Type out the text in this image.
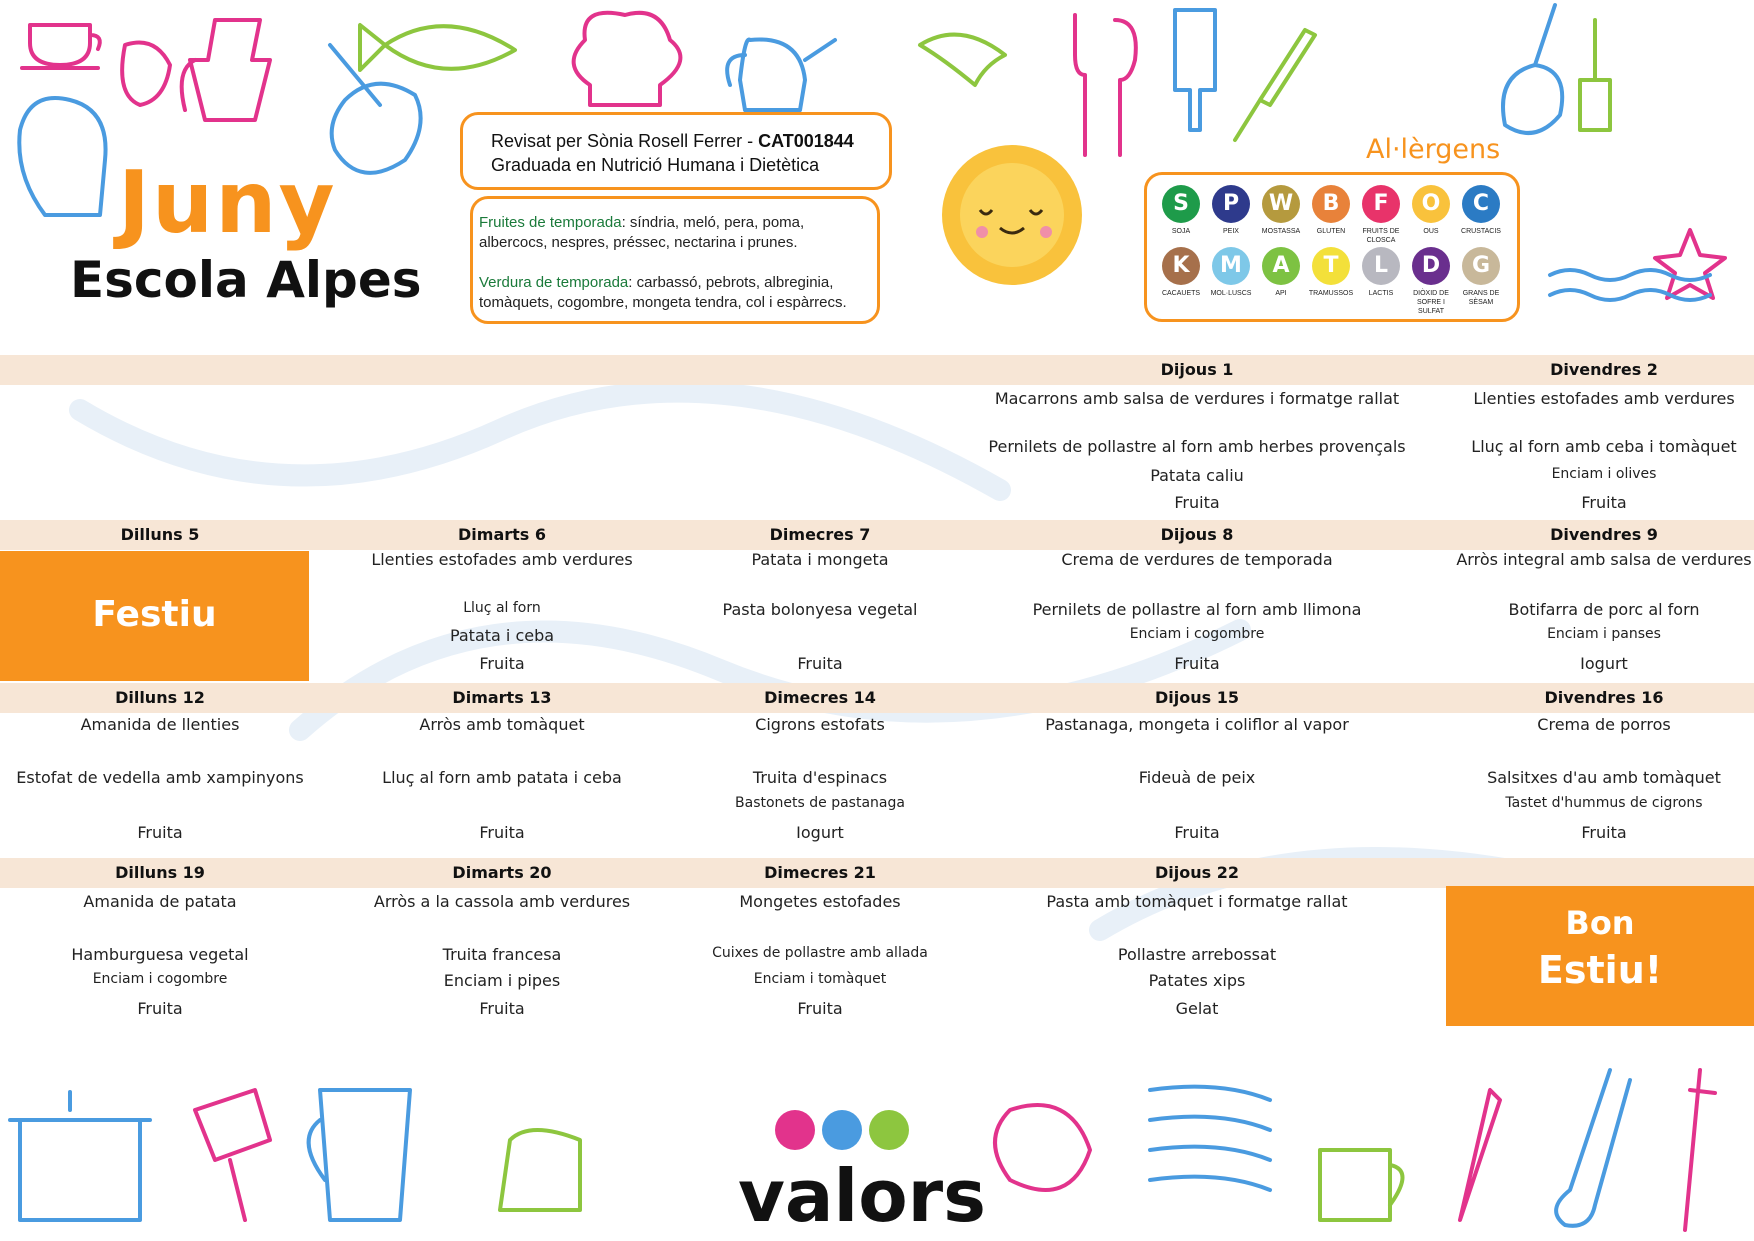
Juny
Escola Alpes
Revisat per Sònia Rosell Ferrer - CAT001844
Graduada en Nutrició Humana i Dietètica
Fruites de temporada: síndria, meló, pera, poma, albercocs, nespres, préssec, nectarina i prunes.
Verdura de temporada: carbassó, pebrots, albreginia, tomàquets, cogombre, mongeta tendra, col i espàrrecs.
Al·lèrgens
S
SOJA
P
PEIX
W
MOSTASSA
B
GLUTEN
F
FRUITS DE CLOSCA
O
OUS
C
CRUSTACIS
K
CACAUETS
M
MOL·LUSCS
A
API
T
TRAMUSSOS
L
LACTIS
D
DIÒXID DE SOFRE I SULFAT
G
GRANS DE SÈSAM
Dijous 1
Macarrons amb salsa de verdures i formatge rallat
Pernilets de pollastre al forn amb herbes provençals
Patata caliu
Fruita
Divendres 2
Llenties estofades amb verdures
Lluç al forn amb ceba i tomàquet
Enciam i olives
Fruita
Dilluns 5	Dimarts 6
Llenties estofades amb verdures
Lluç al forn
Patata i ceba
Fruita
Dimecres 7
Patata i mongeta
Pasta bolonyesa vegetal
Fruita
Dijous 8
Crema de verdures de temporada
Pernilets de pollastre al forn amb llimona
Enciam i cogombre
Fruita
Divendres 9
Arròs integral amb salsa de verdures
Botifarra de porc al forn
Enciam i panses
Iogurt
Dilluns 12
Amanida de llenties
Estofat de vedella amb xampinyons
Fruita
Dimarts 13
Arròs amb tomàquet
Lluç al forn amb patata i ceba
Fruita
Dimecres 14
Cigrons estofats
Truita d'espinacs
Bastonets de pastanaga
Iogurt
Dijous 15
Pastanaga, mongeta i coliflor al vapor
Fideuà de peix
Fruita
Divendres 16
Crema de porros
Salsitxes d'au amb tomàquet
Tastet d'hummus de cigrons
Fruita
Dilluns 19
Amanida de patata
Hamburguesa vegetal
Enciam i cogombre
Fruita
Dimarts 20
Arròs a la cassola amb verdures
Truita francesa
Enciam i pipes
Fruita
Dimecres 21
Mongetes estofades
Cuixes de pollastre amb allada
Enciam i tomàquet
Fruita
Dijous 22
Pasta amb tomàquet i formatge rallat
Pollastre arrebossat
Patates xips
Gelat
Festiu
Bon
Estiu!
valors
